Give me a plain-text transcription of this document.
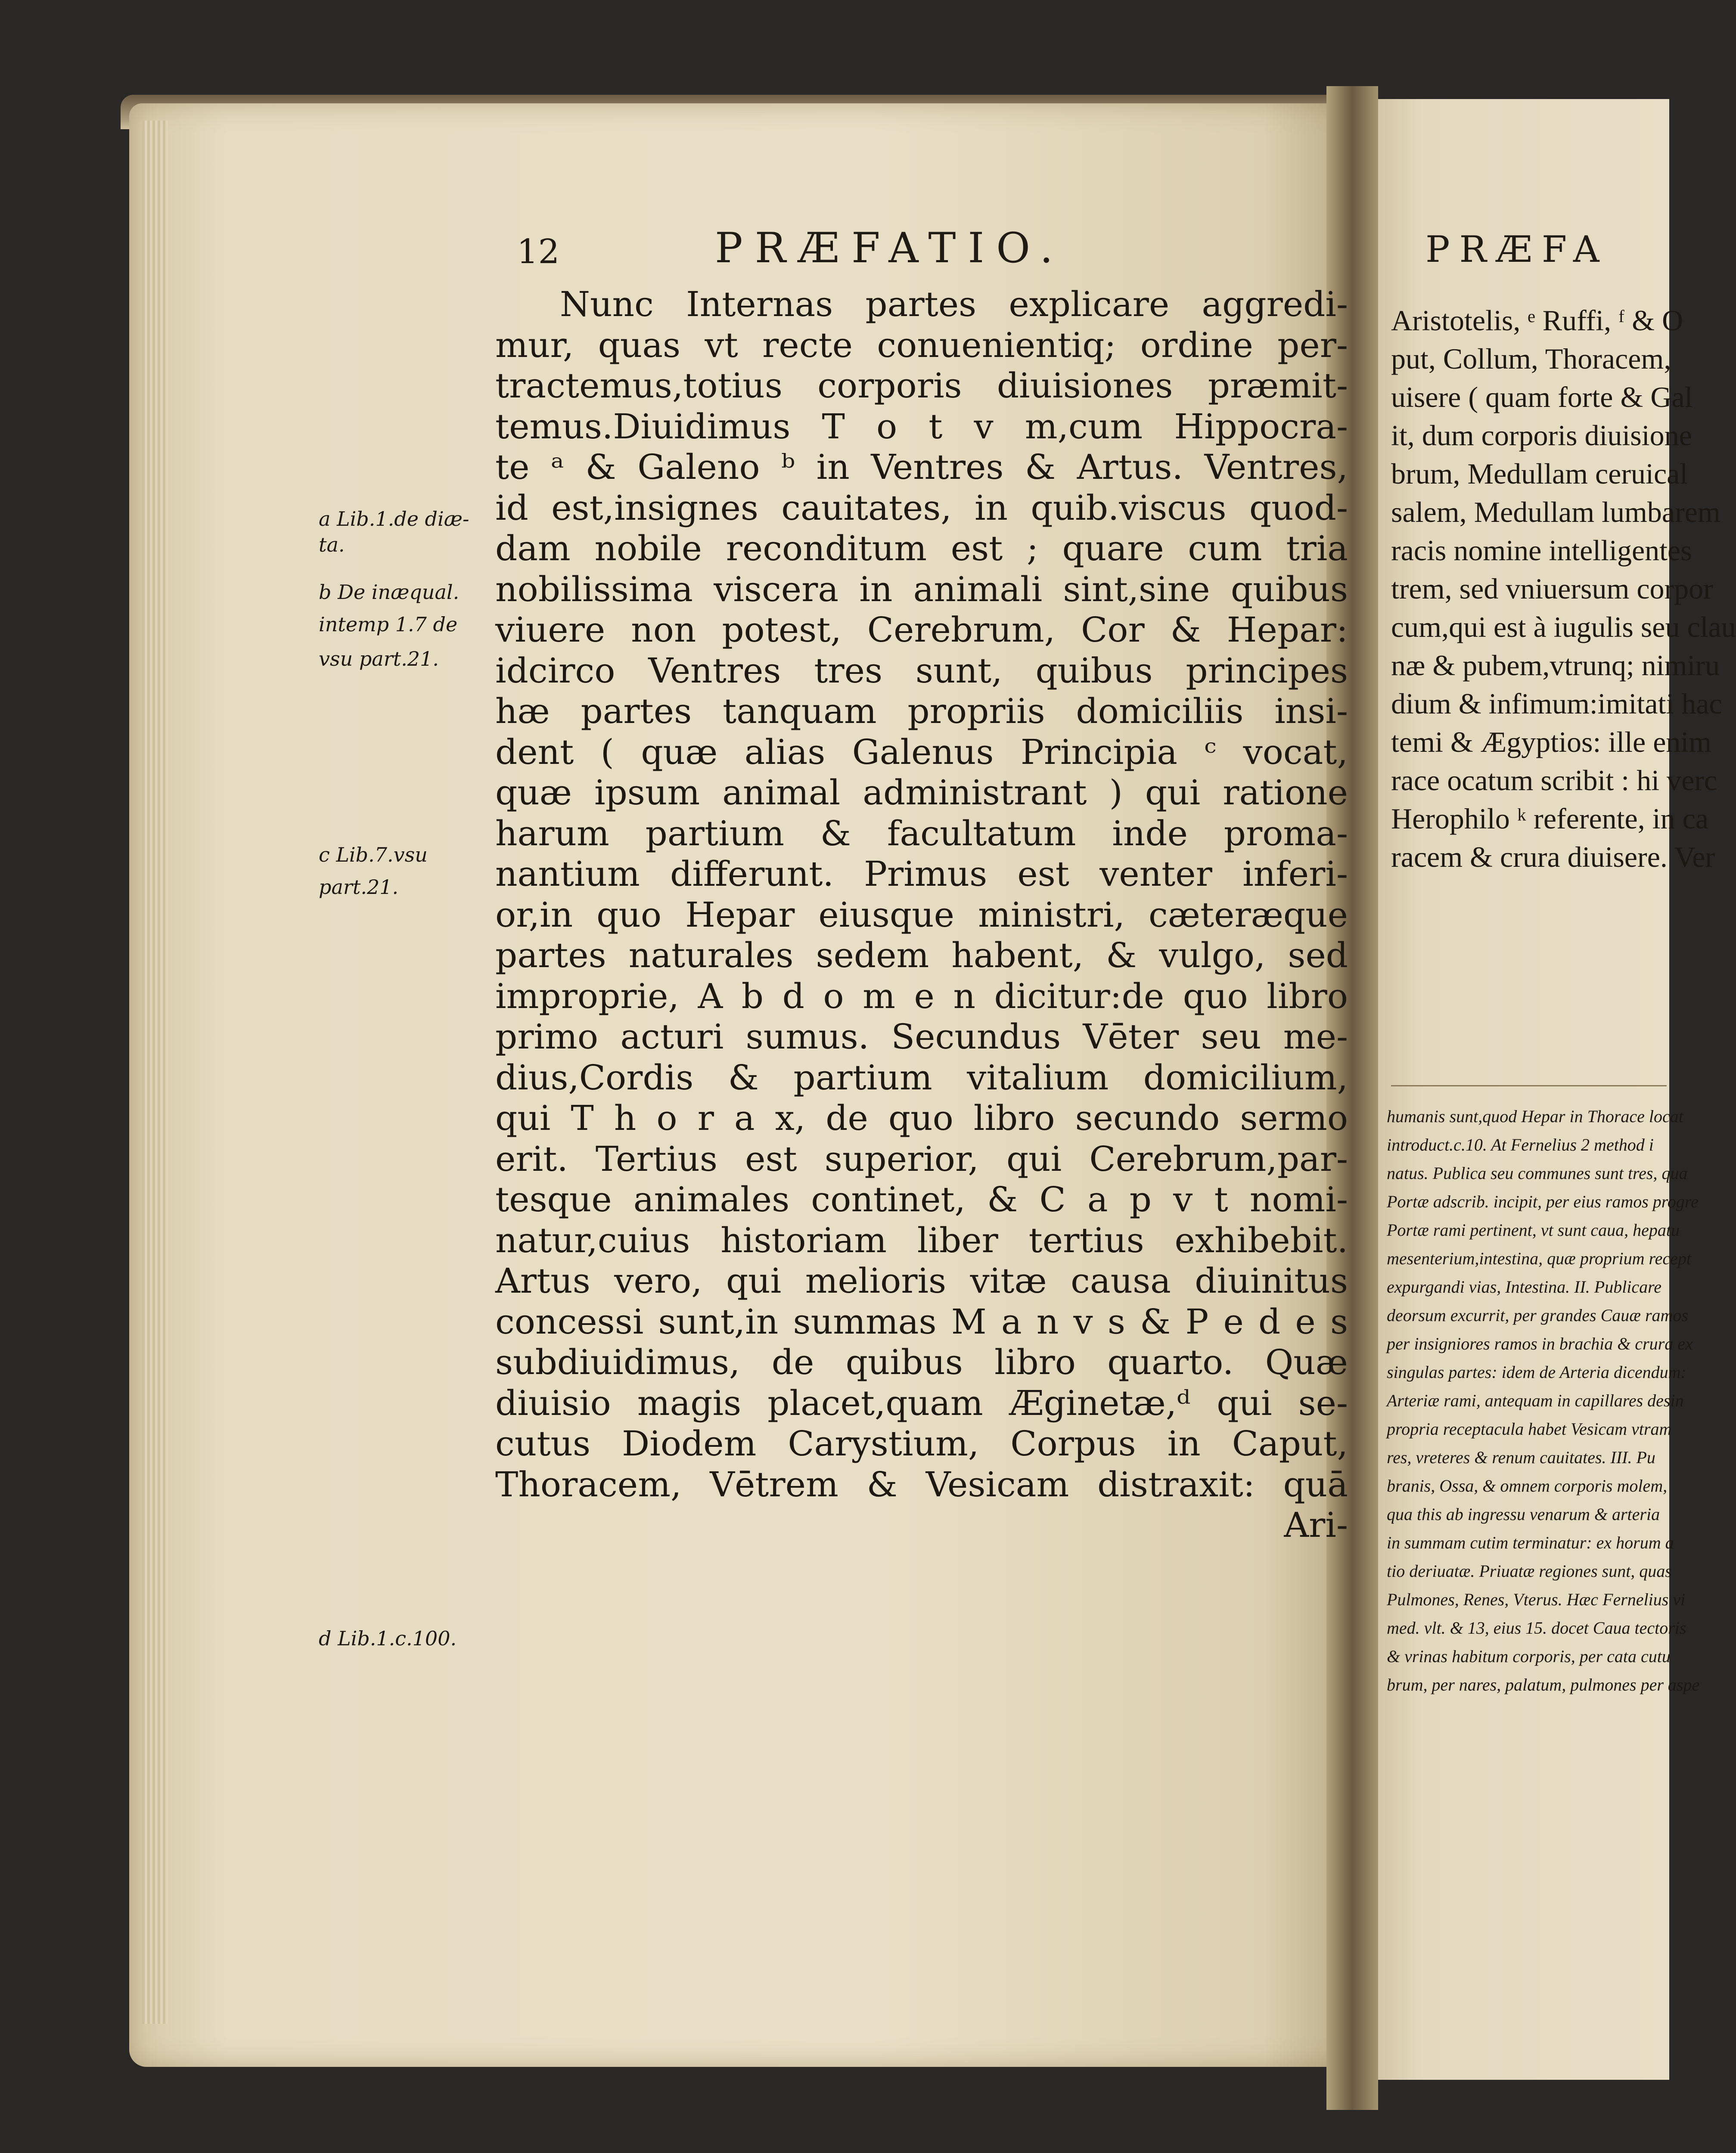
12	PRÆFATIO.
Nunc Internas partes explicare aggredi-
mur, quas vt recte conuenientiq; ordine per-
tractemus,totius corporis diuisiones præmit-
temus.Diuidimus T o t v m,cum Hippocra-
te ᵃ & Galeno ᵇ in Ventres & Artus. Ventres,
id est,insignes cauitates, in quib.viscus quod-
dam nobile reconditum est ; quare cum tria
nobilissima viscera in animali sint,sine quibus
viuere non potest, Cerebrum, Cor & Hepar:
idcirco Ventres tres sunt, quibus principes
hæ partes tanquam propriis domiciliis insi-
dent ( quæ alias Galenus Principia ᶜ vocat,
quæ ipsum animal administrant ) qui ratione
harum partium & facultatum inde proma-
nantium differunt. Primus est venter inferi-
or,in quo Hepar eiusque ministri, cæteræque
partes naturales sedem habent, & vulgo, sed
improprie, A b d o m e n dicitur:de quo libro
primo acturi sumus. Secundus Vēter seu me-
dius,Cordis & partium vitalium domicilium,
qui T h o r a x, de quo libro secundo sermo
erit. Tertius est superior, qui Cerebrum,par-
tesque animales continet, & C a p v t nomi-
natur,cuius historiam liber tertius exhibebit.
Artus vero, qui melioris vitæ causa diuinitus
concessi sunt,in summas M a n v s & P e d e s
subdiuidimus, de quibus libro quarto. Quæ
diuisio magis placet,quam Æginetæ,ᵈ qui se-
cutus Diodem Carystium, Corpus in Caput,
Thoracem, Vētrem & Vesicam distraxit: quā
Ari-
a Lib.1.de diæ-
ta.
b De inæqual.
intemp 1.7 de
vsu part.21.
c Lib.7.vsu
part.21.
d Lib.1.c.100.
PRÆFA
Aristotelis, ᵉ Ruffi, ᶠ & O
put, Collum, Thoracem,
uisere ( quam forte & Gal
it, dum corporis diuisione
brum, Medullam ceruical
salem, Medullam lumbarem
racis nomine intelligentes
trem, sed vniuersum corpor
cum,qui est à iugulis seu clau
næ & pubem,vtrunq; nimiru
dium & infimum:imitati hac
temi & Ægyptios: ille enim
race ocatum scribit : hi verc
Herophilo ᵏ referente, in ca
racem & crura diuisere. Ver
humanis sunt,quod Hepar in Thorace locat
introduct.c.10. At Fernelius 2 method i
natus. Publica seu communes sunt tres, qua
Portæ adscrib. incipit, per eius ramos progre
Portæ rami pertinent, vt sunt caua, hepatu
mesenterium,intestina, quæ proprium recept
expurgandi vias, Intestina. II. Publicare
deorsum excurrit, per grandes Cauæ ramos
per insigniores ramos in brachia & crura ex
singulas partes: idem de Arteria dicendum:
Arteriæ rami, antequam in capillares desin
propria receptacula habet Vesicam vtram
res, vreteres & renum cauitates. III. Pu
branis, Ossa, & omnem corporis molem,
qua this ab ingressu venarum & arteria
in summam cutim terminatur: ex horum a
tio deriuatæ. Priuatæ regiones sunt, quas
Pulmones, Renes, Vterus. Hæc Fernelius vi
med. vlt. & 13, eius 15. docet Caua tectoris
& vrinas habitum corporis, per cata cutu
brum, per nares, palatum, pulmones per aspe
